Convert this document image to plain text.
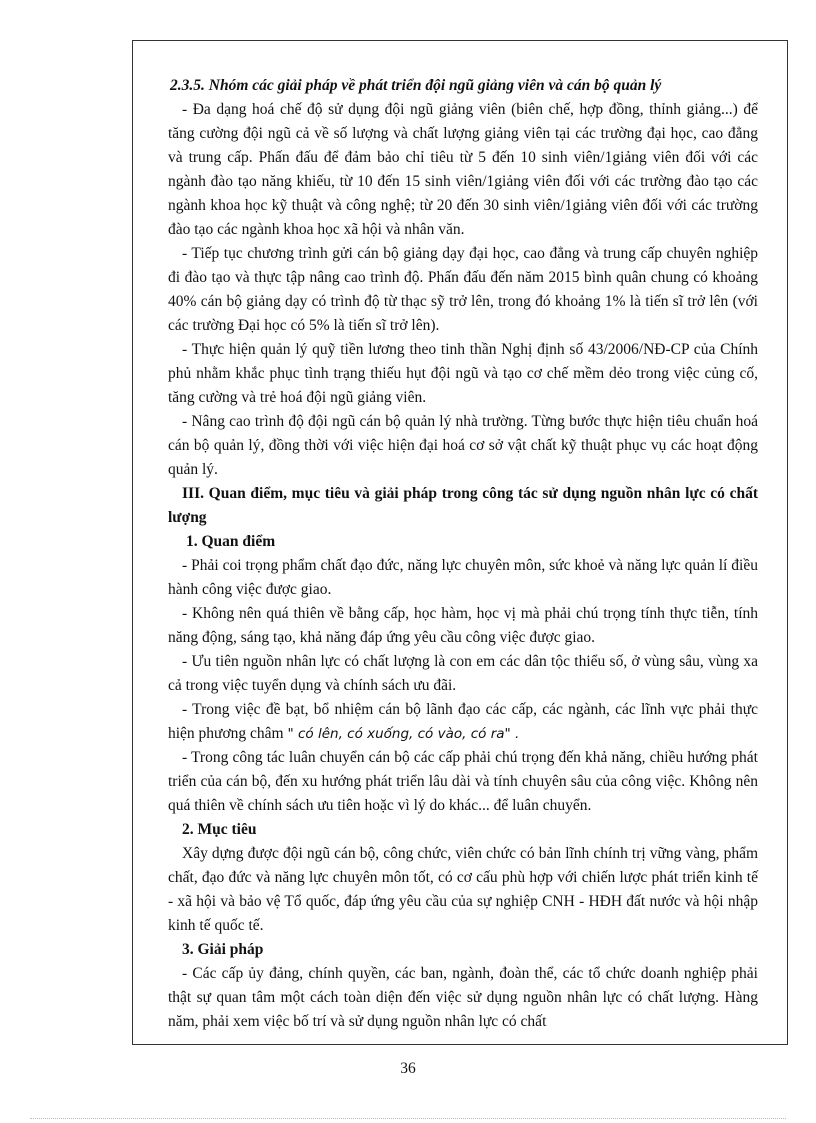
2.3.5. Nhóm các giải pháp về phát triển đội ngũ giảng viên và cán bộ quản lý

- Đa dạng hoá chế độ sử dụng đội ngũ giảng viên (biên chế, hợp đồng, thỉnh giảng...) để tăng cường đội ngũ cả về số lượng và chất lượng giảng viên tại các trường đại học, cao đẳng và trung cấp. Phấn đấu để đảm bảo chỉ tiêu từ 5 đến 10 sinh viên/1giảng viên đối với các ngành đào tạo năng khiếu, từ 10 đến 15 sinh viên/1giảng viên đối với các trường đào tạo các ngành khoa học kỹ thuật và công nghệ; từ 20 đến 30 sinh viên/1giảng viên đối với các trường đào tạo các ngành khoa học xã hội và nhân văn.

- Tiếp tục chương trình gửi cán bộ giảng dạy đại học, cao đẳng và trung cấp chuyên nghiệp đi đào tạo và thực tập nâng cao trình độ. Phấn đấu đến năm 2015 bình quân chung có khoảng 40% cán bộ giảng dạy có trình độ từ thạc sỹ trở lên, trong đó khoảng 1% là tiến sĩ trở lên (với các trường Đại học có 5% là tiến sĩ trở lên).

- Thực hiện quản lý quỹ tiền lương theo tinh thần Nghị định số 43/2006/NĐ-CP của Chính phủ nhằm khắc phục tình trạng thiếu hụt đội ngũ và tạo cơ chế mềm dẻo trong việc củng cố, tăng cường và trẻ hoá đội ngũ giảng viên.

- Nâng cao trình độ đội ngũ cán bộ quản lý nhà trường. Từng bước thực hiện tiêu chuẩn hoá cán bộ quản lý, đồng thời với việc hiện đại hoá cơ sở vật chất kỹ thuật phục vụ các hoạt động quản lý.

III. Quan điểm, mục tiêu và giải pháp trong công tác sử dụng nguồn nhân lực có chất lượng

1. Quan điểm

- Phải coi trọng phẩm chất đạo đức, năng lực chuyên môn, sức khoẻ và năng lực quản lí điều hành công việc được giao.

- Không nên quá thiên về bằng cấp, học hàm, học vị mà phải chú trọng tính thực tiễn, tính năng động, sáng tạo, khả năng đáp ứng yêu cầu công việc được giao.

- Ưu tiên nguồn nhân lực có chất lượng là con em các dân tộc thiểu số, ở vùng sâu, vùng xa cả trong việc tuyển dụng và chính sách ưu đãi.

- Trong việc đề bạt, bổ nhiệm cán bộ lãnh đạo các cấp, các ngành, các lĩnh vực phải thực hiện phương châm " có lên, có xuống, có vào, có ra" .

- Trong công tác luân chuyển cán bộ các cấp phải chú trọng đến khả năng, chiều hướng phát triển của cán bộ, đến xu hướng phát triển lâu dài và tính chuyên sâu của công việc. Không nên quá thiên về chính sách ưu tiên hoặc vì lý do khác... để luân chuyển.

2. Mục tiêu

Xây dựng được đội ngũ cán bộ, công chức, viên chức có bản lĩnh chính trị vững vàng, phẩm chất, đạo đức và năng lực chuyên môn tốt, có cơ cấu phù hợp với chiến lược phát triển kinh tế - xã hội và bảo vệ Tổ quốc, đáp ứng yêu cầu của sự nghiệp CNH - HĐH đất nước và hội nhập kinh tế quốc tế.

3. Giải pháp

- Các cấp ủy đảng, chính quyền, các ban, ngành, đoàn thể, các tổ chức doanh nghiệp phải thật sự quan tâm một cách toàn diện đến việc sử dụng nguồn nhân lực có chất lượng. Hàng năm, phải xem việc bố trí và sử dụng nguồn nhân lực có chất

36
